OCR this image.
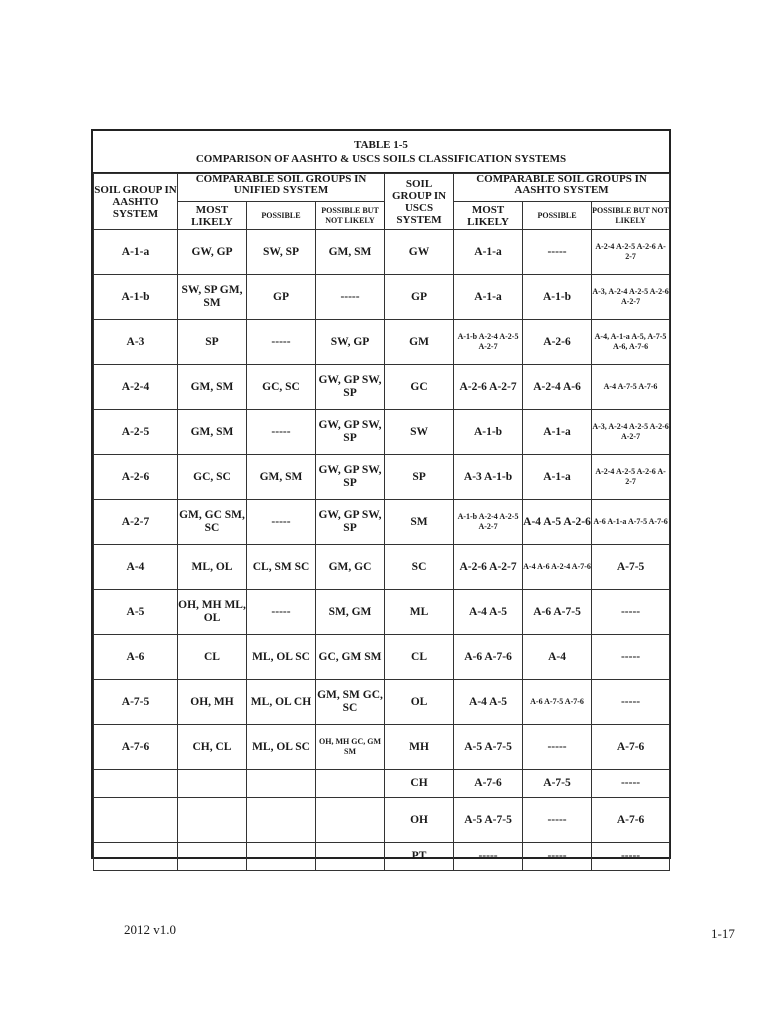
TABLE 1-5
COMPARISON OF AASHTO & USCS SOILS CLASSIFICATION SYSTEMS
SOIL GROUP IN AASHTO SYSTEM	COMPARABLE SOIL GROUPS IN UNIFIED SYSTEM			SOIL GROUP IN USCS SYSTEM	COMPARABLE SOIL GROUPS IN AASHTO SYSTEM		
	MOST LIKELY	POSSIBLE	POSSIBLE BUT NOT LIKELY		MOST LIKELY	POSSIBLE	POSSIBLE BUT NOT LIKELY
A-1-a	GW, GP	SW, SP	GM, SM	GW	A-1-a	-----	A-2-4 A-2-5 A-2-6 A-2-7
A-1-b	SW, SP GM, SM	GP	-----	GP	A-1-a	A-1-b	A-3, A-2-4 A-2-5 A-2-6 A-2-7
A-3	SP	-----	SW, GP	GM	A-1-b A-2-4 A-2-5 A-2-7	A-2-6	A-4, A-1-a A-5, A-7-5 A-6, A-7-6
A-2-4	GM, SM	GC, SC	GW, GP SW, SP	GC	A-2-6 A-2-7	A-2-4 A-6	A-4 A-7-5 A-7-6
A-2-5	GM, SM	-----	GW, GP SW, SP	SW	A-1-b	A-1-a	A-3, A-2-4 A-2-5 A-2-6 A-2-7
A-2-6	GC, SC	GM, SM	GW, GP SW, SP	SP	A-3 A-1-b	A-1-a	A-2-4 A-2-5 A-2-6 A-2-7
A-2-7	GM, GC SM, SC	-----	GW, GP SW, SP	SM	A-1-b A-2-4 A-2-5 A-2-7	A-4 A-5 A-2-6	A-6 A-1-a A-7-5 A-7-6
A-4	ML, OL	CL, SM SC	GM, GC	SC	A-2-6 A-2-7	A-4 A-6 A-2-4 A-7-6	A-7-5
A-5	OH, MH ML, OL	-----	SM, GM	ML	A-4 A-5	A-6 A-7-5	-----
A-6	CL	ML, OL SC	GC, GM SM	CL	A-6 A-7-6	A-4	-----
A-7-5	OH, MH	ML, OL CH	GM, SM GC, SC	OL	A-4 A-5	A-6 A-7-5 A-7-6	-----
A-7-6	CH, CL	ML, OL SC	OH, MH GC, GM SM	MH	A-5 A-7-5	-----	A-7-6
				CH	A-7-6	A-7-5	-----
				OH	A-5 A-7-5	-----	A-7-6
				PT	-----	-----	-----
2012 v1.0	1-17
